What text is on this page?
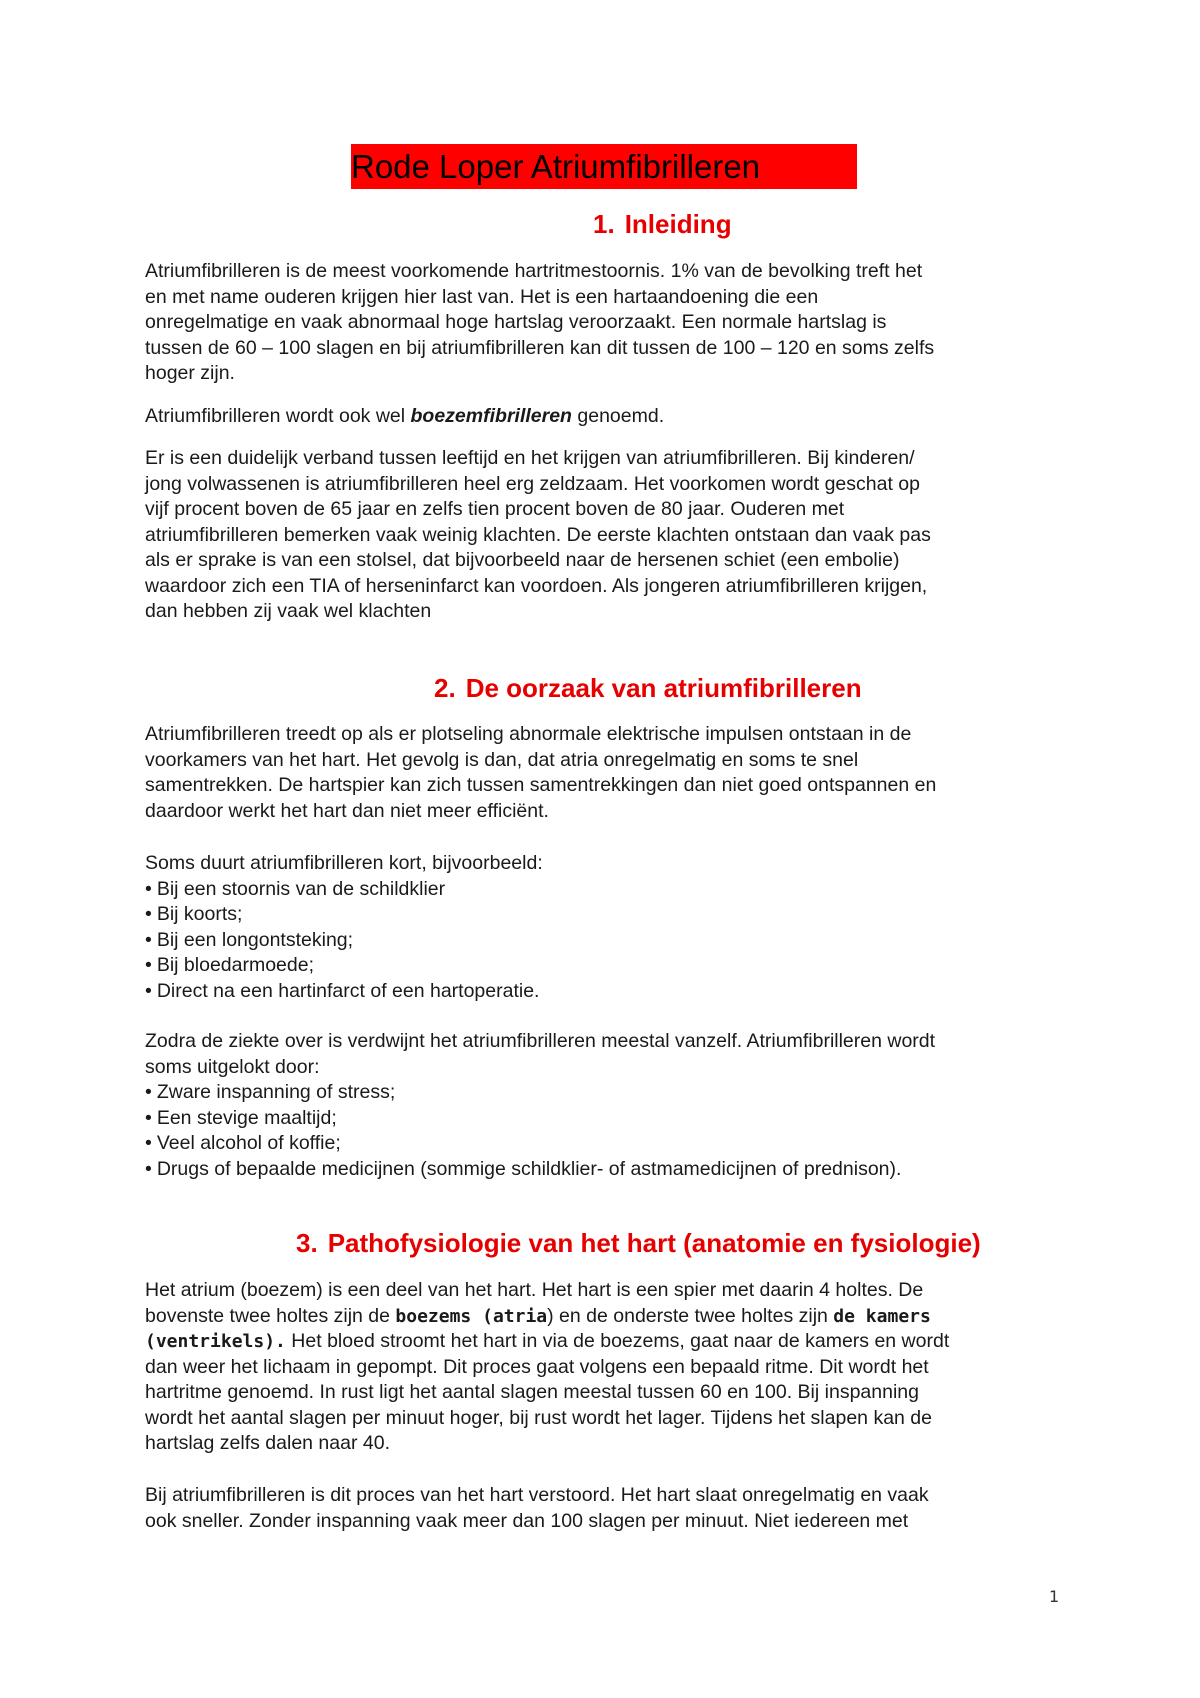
Rode Loper Atriumfibrilleren
1. Inleiding

Atriumfibrilleren is de meest voorkomende hartritmestoornis. 1% van de bevolking treft het

en met name ouderen krijgen hier last van. Het is een hartaandoening die een

onregelmatige en vaak abnormaal hoge hartslag veroorzaakt. Een normale hartslag is

tussen de 60 – 100 slagen en bij atriumfibrilleren kan dit tussen de 100 – 120 en soms zelfs

hoger zijn.

Atriumfibrilleren wordt ook wel boezemfibrilleren genoemd.

Er is een duidelijk verband tussen leeftijd en het krijgen van atriumfibrilleren. Bij kinderen/

jong volwassenen is atriumfibrilleren heel erg zeldzaam. Het voorkomen wordt geschat op

vijf procent boven de 65 jaar en zelfs tien procent boven de 80 jaar. Ouderen met

atriumfibrilleren bemerken vaak weinig klachten. De eerste klachten ontstaan dan vaak pas

als er sprake is van een stolsel, dat bijvoorbeeld naar de hersenen schiet (een embolie)

waardoor zich een TIA of herseninfarct kan voordoen. Als jongeren atriumfibrilleren krijgen,

dan hebben zij vaak wel klachten

2. De oorzaak van atriumfibrilleren

Atriumfibrilleren treedt op als er plotseling abnormale elektrische impulsen ontstaan in de

voorkamers van het hart. Het gevolg is dan, dat atria onregelmatig en soms te snel

samentrekken. De hartspier kan zich tussen samentrekkingen dan niet goed ontspannen en

daardoor werkt het hart dan niet meer efficiënt.

Soms duurt atriumfibrilleren kort, bijvoorbeeld:

• Bij een stoornis van de schildklier
• Bij koorts;
• Bij een longontsteking;
• Bij bloedarmoede;
• Direct na een hartinfarct of een hartoperatie.

Zodra de ziekte over is verdwijnt het atriumfibrilleren meestal vanzelf. Atriumfibrilleren wordt

soms uitgelokt door:

• Zware inspanning of stress;
• Een stevige maaltijd;
• Veel alcohol of koffie;
• Drugs of bepaalde medicijnen (sommige schildklier- of astmamedicijnen of prednison).
3. Pathofysiologie van het hart (anatomie en fysiologie)

Het atrium (boezem) is een deel van het hart. Het hart is een spier met daarin 4 holtes. De

bovenste twee holtes zijn de boezems (atria) en de onderste twee holtes zijn de kamers

(ventrikels). Het bloed stroomt het hart in via de boezems, gaat naar de kamers en wordt

dan weer het lichaam in gepompt. Dit proces gaat volgens een bepaald ritme. Dit wordt het

hartritme genoemd. In rust ligt het aantal slagen meestal tussen 60 en 100. Bij inspanning

wordt het aantal slagen per minuut hoger, bij rust wordt het lager. Tijdens het slapen kan de

hartslag zelfs dalen naar 40.

Bij atriumfibrilleren is dit proces van het hart verstoord. Het hart slaat onregelmatig en vaak

ook sneller. Zonder inspanning vaak meer dan 100 slagen per minuut. Niet iedereen met

1
